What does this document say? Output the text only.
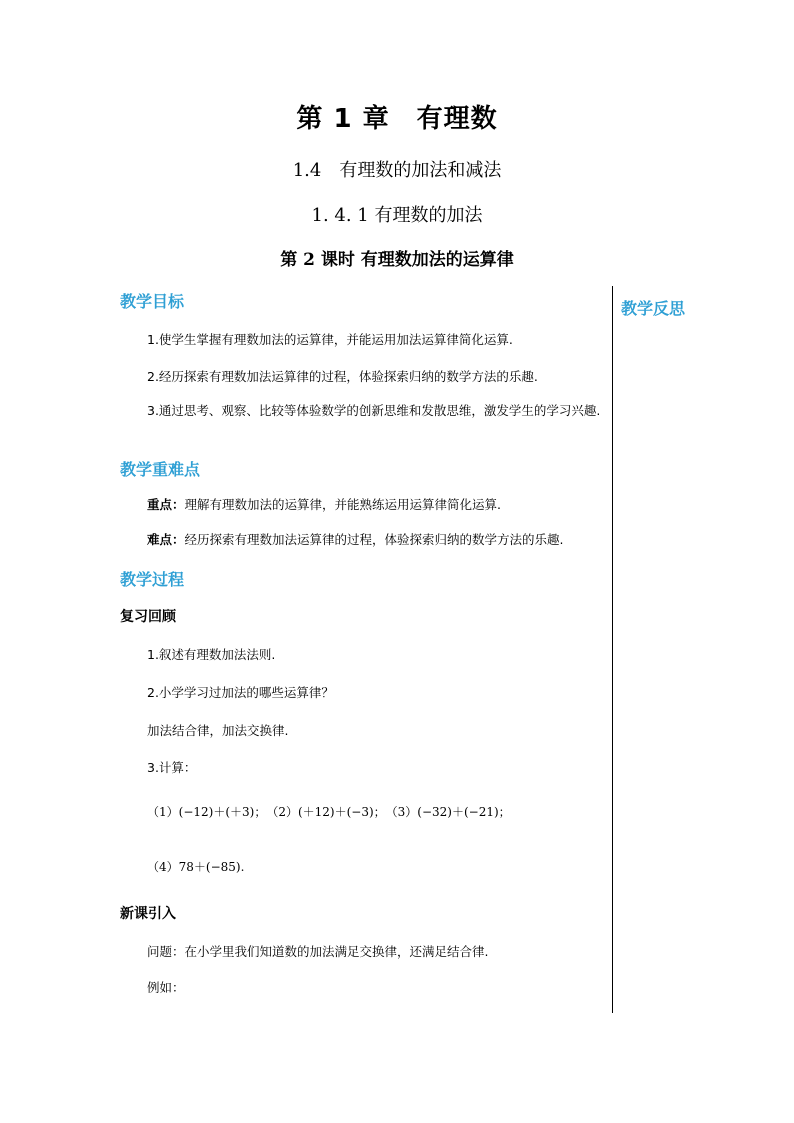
第 1 章　有理数
1.4　有理数的加法和减法
1. 4. 1 有理数的加法
第 2 课时 有理数加法的运算律
教学反思
教学目标
1.使学生掌握有理数加法的运算律，并能运用加法运算律简化运算.
2.经历探索有理数加法运算律的过程，体验探索归纳的数学方法的乐趣.
3.通过思考、观察、比较等体验数学的创新思维和发散思维，激发学生的学习兴趣.
教学重难点
重点：理解有理数加法的运算律，并能熟练运用运算律简化运算.
难点：经历探索有理数加法运算律的过程，体验探索归纳的数学方法的乐趣.
教学过程
复习回顾
1.叙述有理数加法法则.
2.小学学习过加法的哪些运算律？
加法结合律，加法交换律.
3.计算：
（1）(−12)＋(＋3)；　（2）(＋12)＋(−3)；　（3）(−32)＋(−21)；
（4）78＋(−85).
新课引入
问题：在小学里我们知道数的加法满足交换律，还满足结合律.
例如：
